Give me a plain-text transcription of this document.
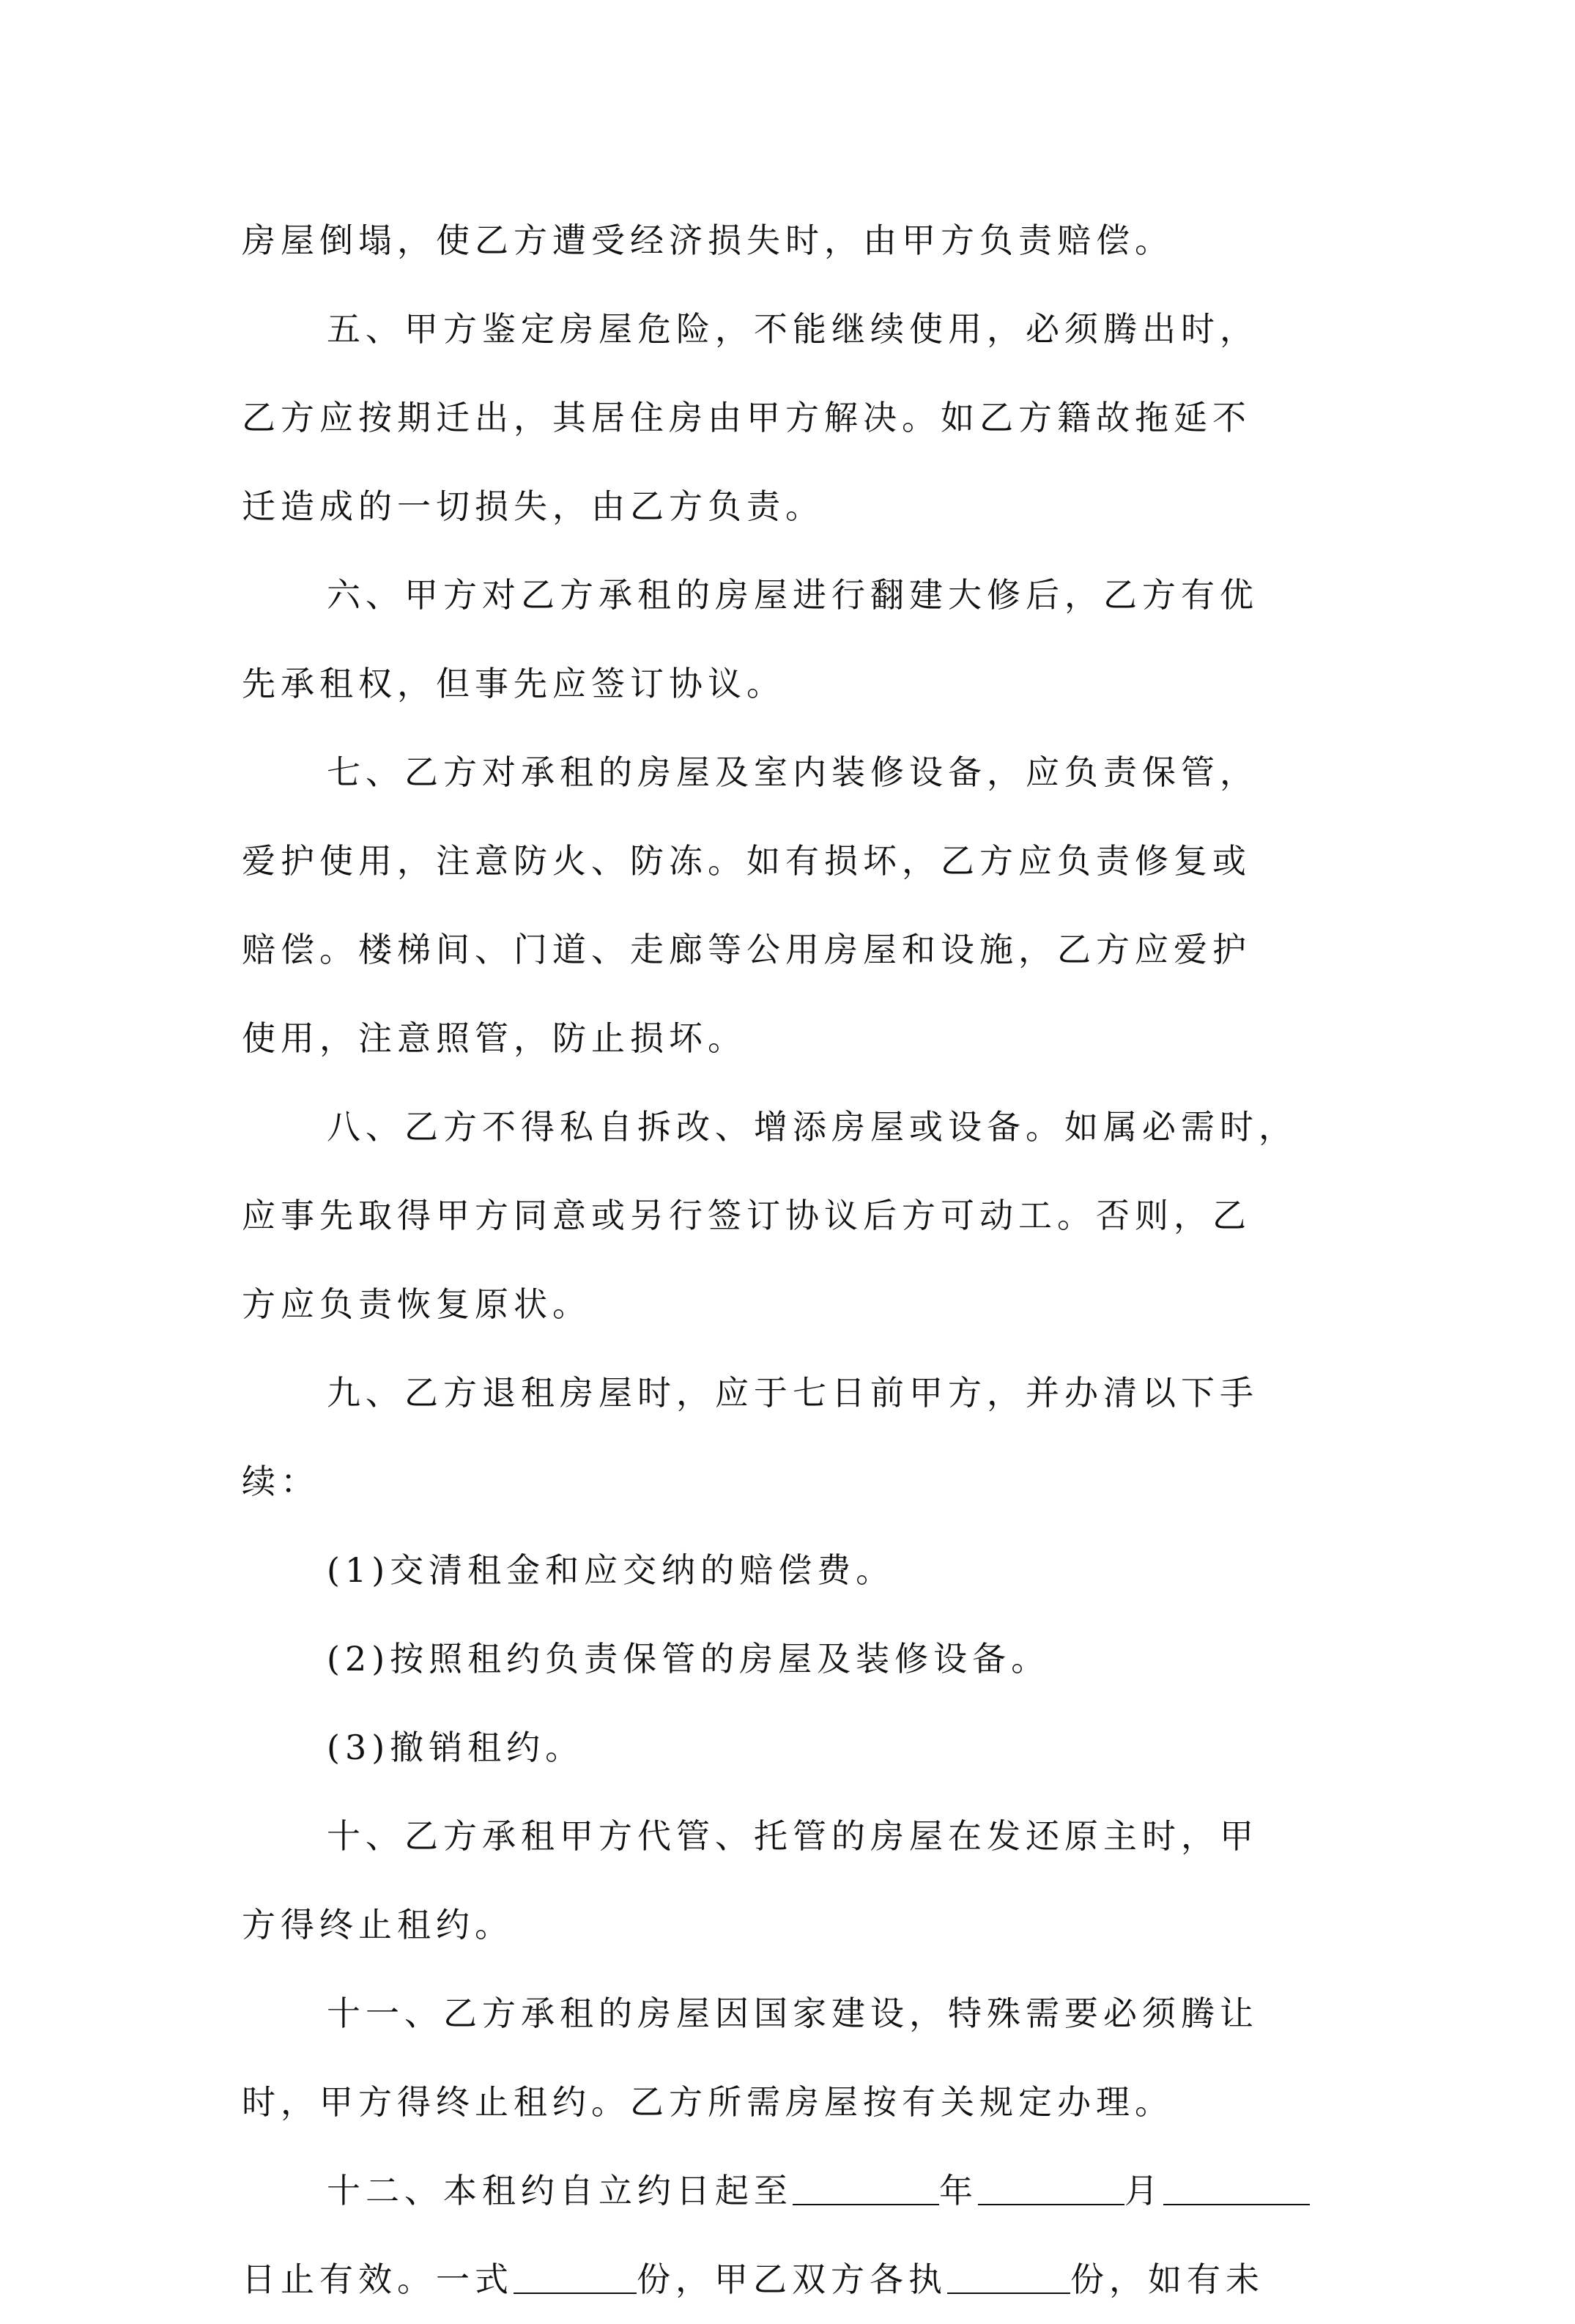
房屋倒塌，使乙方遭受经济损失时，由甲方负责赔偿。
五、甲方鉴定房屋危险，不能继续使用，必须腾出时，
乙方应按期迁出，其居住房由甲方解决。如乙方籍故拖延不
迁造成的一切损失，由乙方负责。
六、甲方对乙方承租的房屋进行翻建大修后，乙方有优
先承租权，但事先应签订协议。
七、乙方对承租的房屋及室内装修设备，应负责保管，
爱护使用，注意防火、防冻。如有损坏，乙方应负责修复或
赔偿。楼梯间、门道、走廊等公用房屋和设施，乙方应爱护
使用，注意照管，防止损坏。
八、乙方不得私自拆改、增添房屋或设备。如属必需时，
应事先取得甲方同意或另行签订协议后方可动工。否则，乙
方应负责恢复原状。
九、乙方退租房屋时，应于七日前甲方，并办清以下手
续：
(1)交清租金和应交纳的赔偿费。
(2)按照租约负责保管的房屋及装修设备。
(3)撤销租约。
十、乙方承租甲方代管、托管的房屋在发还原主时，甲
方得终止租约。
十一、乙方承租的房屋因国家建设，特殊需要必须腾让
时，甲方得终止租约。乙方所需房屋按有关规定办理。
十二、本租约自立约日起至	年	月
日止有效。一式	份，甲乙双方各执	份，如有未
